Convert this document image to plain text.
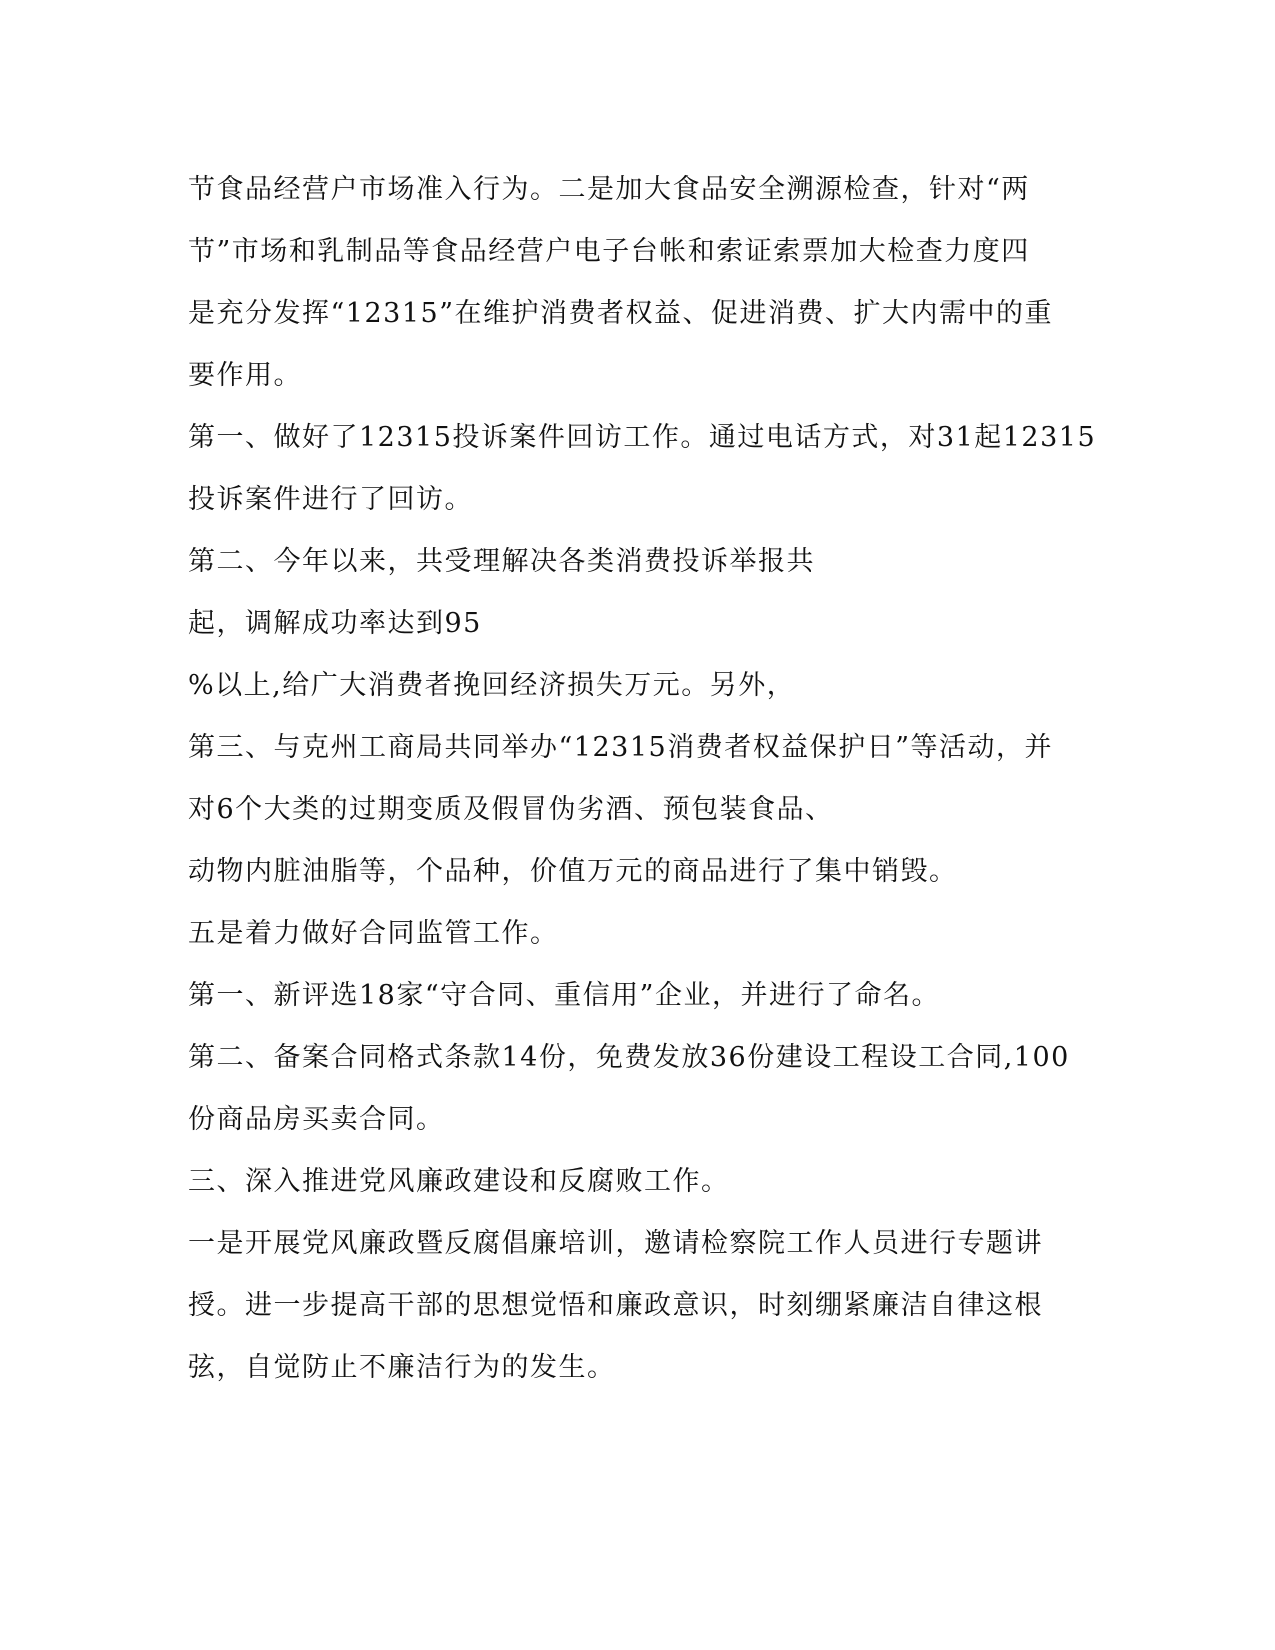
节食品经营户市场准入行为。二是加大食品安全溯源检查，针对“两
节”市场和乳制品等食品经营户电子台帐和索证索票加大检查力度四
是充分发挥“12315”在维护消费者权益、促进消费、扩大内需中的重
要作用。
第一、做好了12315投诉案件回访工作。通过电话方式，对31起12315
投诉案件进行了回访。
第二、今年以来，共受理解决各类消费投诉举报共
起，调解成功率达到95
%以上,给广大消费者挽回经济损失万元。另外，
第三、与克州工商局共同举办“12315消费者权益保护日”等活动，并
对6个大类的过期变质及假冒伪劣酒、预包装食品、
动物内脏油脂等，个品种，价值万元的商品进行了集中销毁。
五是着力做好合同监管工作。
第一、新评选18家“守合同、重信用”企业，并进行了命名。
第二、备案合同格式条款14份，免费发放36份建设工程设工合同,100
份商品房买卖合同。
三、深入推进党风廉政建设和反腐败工作。
一是开展党风廉政暨反腐倡廉培训，邀请检察院工作人员进行专题讲
授。进一步提高干部的思想觉悟和廉政意识，时刻绷紧廉洁自律这根
弦，自觉防止不廉洁行为的发生。
